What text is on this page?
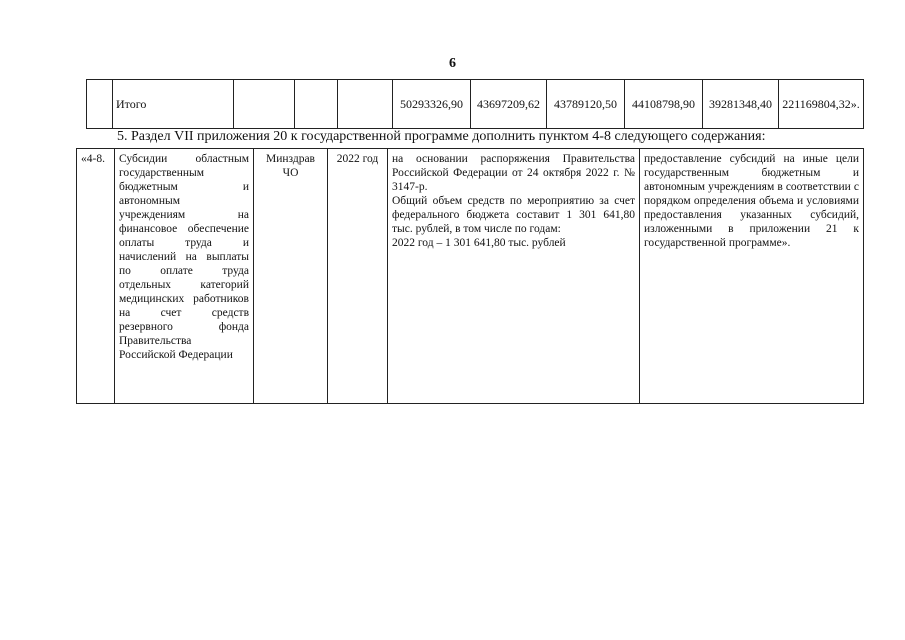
6
	Итого				50293326,90	43697209,62	43789120,50	44108798,90	39281348,40	221169804,32».
5. Раздел VII приложения 20 к государственной программе дополнить пунктом 4-8 следующего содержания:
«4-8.	Субсидии областным государственным бюджетным и автономным учреждениям на финансовое обеспечение оплаты труда и начислений на выплаты по оплате труда отдельных категорий медицинских работников на счет средств резервного фонда Правительства Российской Федерации	Минздрав
ЧО	2022 год	на основании распоряжения Правительства Российской Федерации от 24 октября 2022 г. № 3147-р.
Общий объем средств по мероприятию за счет федерального бюджета составит 1 301 641,80 тыс. рублей, в том числе по годам:
2022 год – 1 301 641,80 тыс. рублей
	предоставление субсидий на иные цели государственным бюджетным и автономным учреждениям в соответствии с порядком определения объема и условиями предоставления указанных субсидий, изложенными в приложении 21 к государственной программе».
